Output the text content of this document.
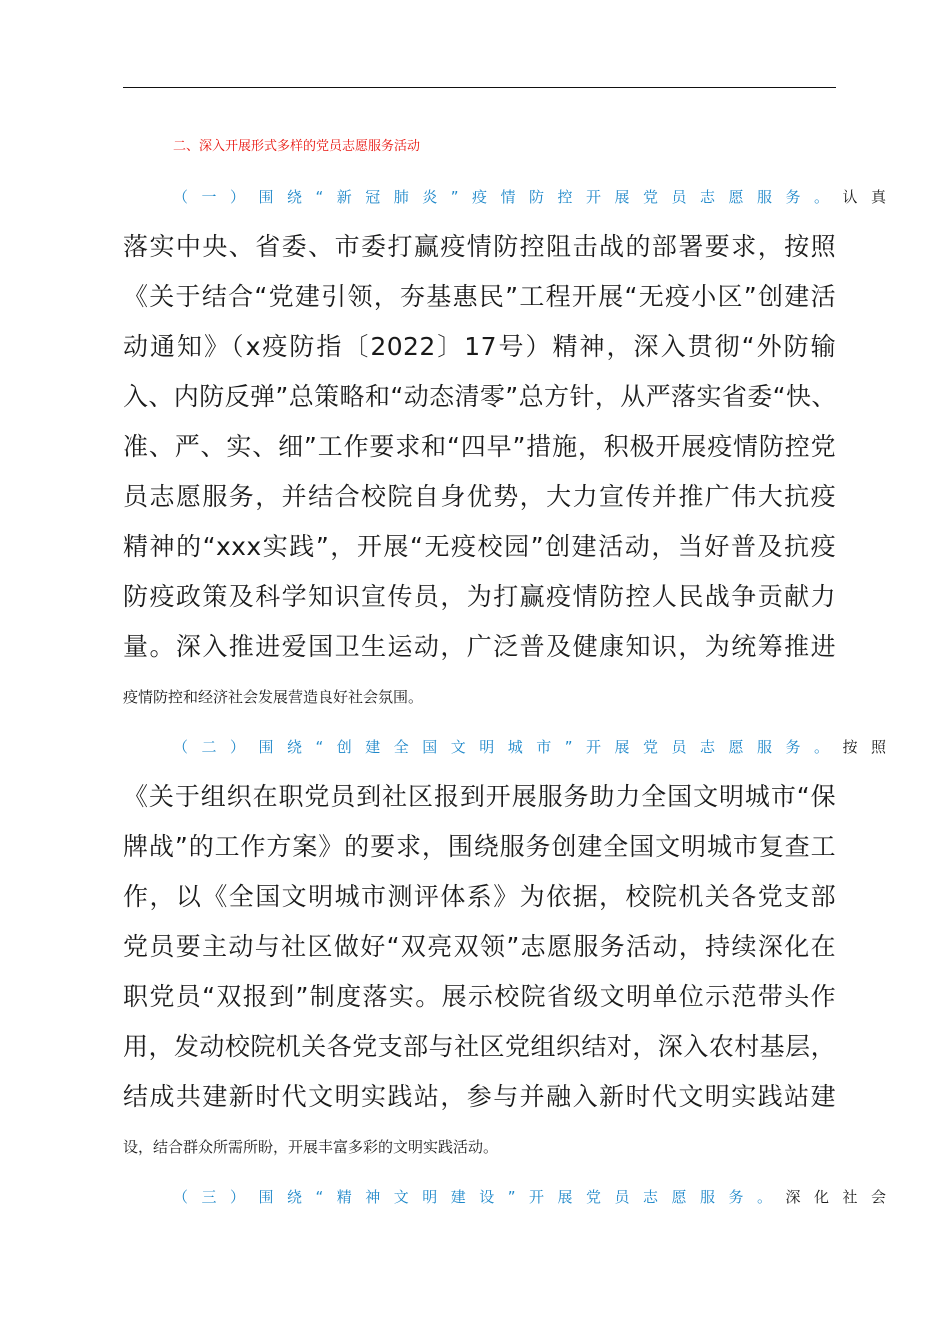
二、深入开展形式多样的党员志愿服务活动
（一）围绕“新冠肺炎”疫情防控开展党员志愿服务。认真
落实中央、省委、市委打赢疫情防控阻击战的部署要求，按照
《关于结合“党建引领，夯基惠民”工程开展“无疫小区”创建活
动通知》（x疫防指〔2022〕17号）精神，深入贯彻“外防输
入、内防反弹”总策略和“动态清零”总方针，从严落实省委“快、
准、严、实、细”工作要求和“四早”措施，积极开展疫情防控党
员志愿服务，并结合校院自身优势，大力宣传并推广伟大抗疫
精神的“xxx实践”，开展“无疫校园”创建活动，当好普及抗疫
防疫政策及科学知识宣传员，为打赢疫情防控人民战争贡献力
量。深入推进爱国卫生运动，广泛普及健康知识，为统筹推进
疫情防控和经济社会发展营造良好社会氛围。
（二）围绕“创建全国文明城市”开展党员志愿服务。按照
《关于组织在职党员到社区报到开展服务助力全国文明城市“保
牌战”的工作方案》的要求，围绕服务创建全国文明城市复查工
作，以《全国文明城市测评体系》为依据，校院机关各党支部
党员要主动与社区做好“双亮双领”志愿服务活动，持续深化在
职党员“双报到”制度落实。展示校院省级文明单位示范带头作
用，发动校院机关各党支部与社区党组织结对，深入农村基层，
结成共建新时代文明实践站，参与并融入新时代文明实践站建
设，结合群众所需所盼，开展丰富多彩的文明实践活动。
（三）围绕“精神文明建设”开展党员志愿服务。深化社会
